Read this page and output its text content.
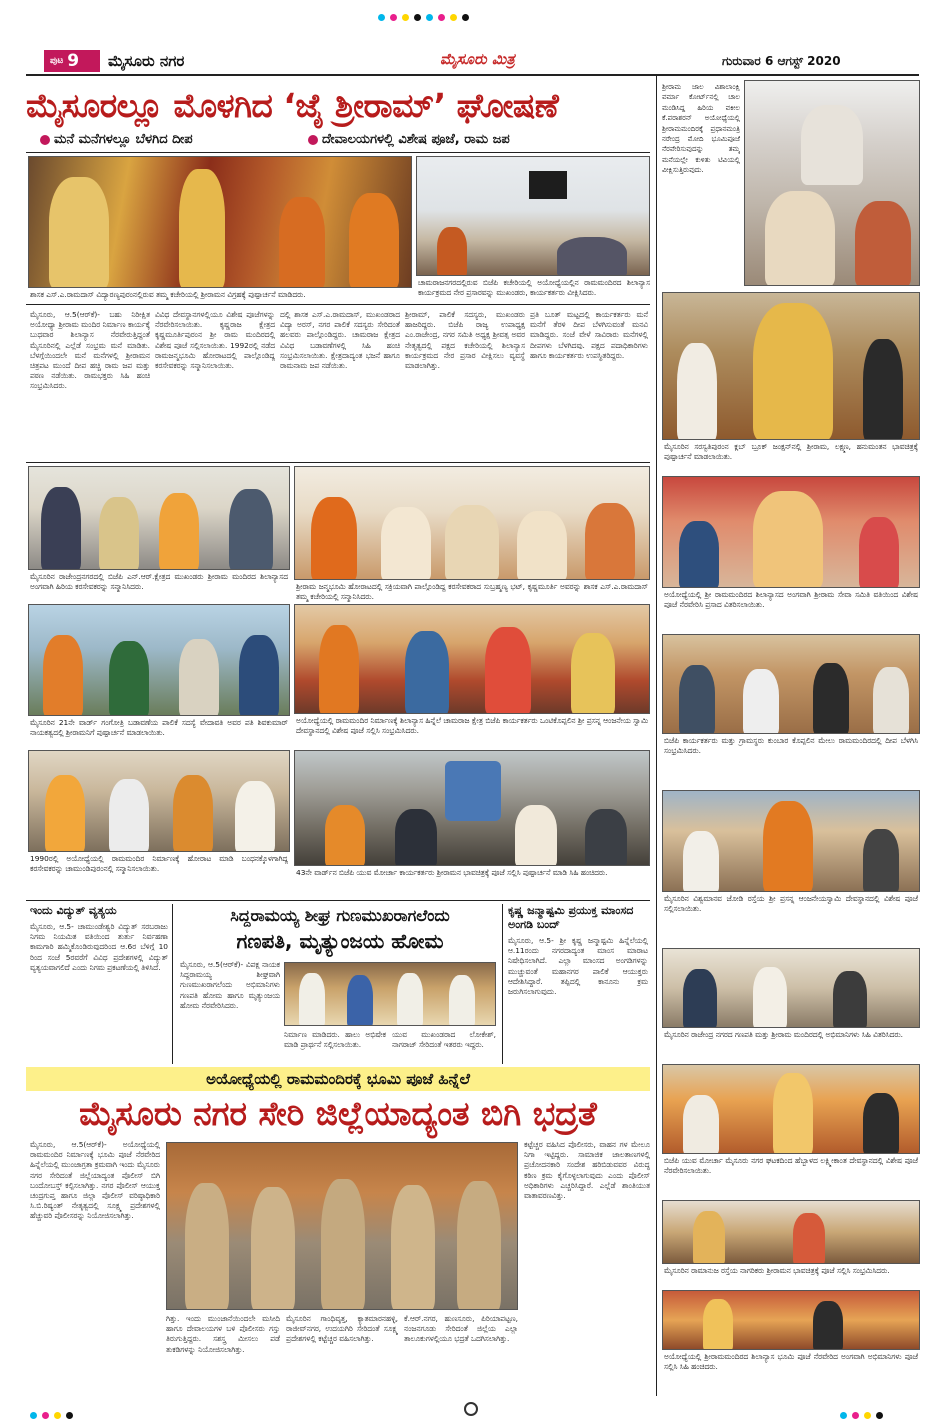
ಪುಟ 9	ಮೈಸೂರು ನಗರ	ಮೈಸೂರು ಮಿತ್ರ	ಗುರುವಾರ 6 ಆಗಸ್ಟ್ 2020
ಮೈಸೂರಲ್ಲೂ ಮೊಳಗಿದ ‘ಜೈ ಶ್ರೀರಾಮ್’ ಘೋಷಣೆ
ಮನೆ ಮನೆಗಳಲ್ಲೂ ಬೆಳಗಿದ ದೀಪ	ದೇವಾಲಯಗಳಲ್ಲಿ ವಿಶೇಷ ಪೂಜೆ, ರಾಮ ಜಪ
ಶಾಸಕ ಎಸ್.ಎ.ರಾಮದಾಸ್ ವಿದ್ಯಾರಣ್ಯಪುರಂನಲ್ಲಿರುವ ತಮ್ಮ ಕಚೇರಿಯಲ್ಲಿ ಶ್ರೀರಾಮನ ವಿಗ್ರಹಕ್ಕೆ ಪುಷ್ಪಾರ್ಚನೆ ಮಾಡಿದರು.
ಚಾಮರಾಜನಗರದಲ್ಲಿರುವ ಬಿಜೆಪಿ ಕಚೇರಿಯಲ್ಲಿ ಅಯೋಧ್ಯೆಯಲ್ಲಿನ ರಾಮಮಂದಿರದ ಶಿಲಾನ್ಯಾಸ ಕಾರ್ಯಕ್ರಮದ ನೇರ ಪ್ರಸಾರವನ್ನು ಮುಖಂಡರು, ಕಾರ್ಯಕರ್ತರು ವೀಕ್ಷಿಸಿದರು.
ಮೈಸೂರು, ಆ.5(ಆರ್‌ಕೆ)- ಬಹು ನಿರೀಕ್ಷಿತ ಅಯೋಧ್ಯಾ ಶ್ರೀರಾಮ ಮಂದಿರ ನಿರ್ಮಾಣ ಕಾರ್ಯಕ್ಕೆ ಬುಧವಾರ ಶಿಲಾನ್ಯಾಸ ನೆರವೇರುತ್ತಿದ್ದಂತೆ ಮೈಸೂರಿನಲ್ಲಿ ಎಲ್ಲೆಡೆ ಸಂಭ್ರಮ ಮನೆ ಮಾಡಿತು. ಬೆಳಗ್ಗೆಯಿಂದಲೇ ಮನೆ ಮನೆಗಳಲ್ಲಿ ಶ್ರೀರಾಮನ ಚಿತ್ರಪಟ ಮುಂದೆ ದೀಪ ಹಚ್ಚಿ ರಾಮ ಜಪ ಮತ್ತು ಪಠಣ ನಡೆಯಿತು. ರಾಮಭಕ್ತರು ಸಿಹಿ ಹಂಚಿ ಸಂಭ್ರಮಿಸಿದರು.
ವಿವಿಧ ದೇವಸ್ಥಾನಗಳಲ್ಲಿಯೂ ವಿಶೇಷ ಪೂಜೆಗಳನ್ನು ನೆರವೇರಿಸಲಾಯಿತು. ಕೃಷ್ಣರಾಜ ಕ್ಷೇತ್ರದ ಕೃಷ್ಣಮೂರ್ತಿಪುರಂನ ಶ್ರೀ ರಾಮ ಮಂದಿರದಲ್ಲಿ ವಿಶೇಷ ಪೂಜೆ ಸಲ್ಲಿಸಲಾಯಿತು. 1992ರಲ್ಲಿ ನಡೆದ ರಾಮಜನ್ಮಭೂಮಿ ಹೋರಾಟದಲ್ಲಿ ಪಾಲ್ಗೊಂಡಿದ್ದ ಕರಸೇವಕರನ್ನು ಸನ್ಮಾನಿಸಲಾಯಿತು.
ದಲ್ಲಿ ಶಾಸಕ ಎಸ್.ಎ.ರಾಮದಾಸ್, ಮುಖಂಡರಾದ ವಿದ್ಯಾ ಅರಸ್, ನಗರ ಪಾಲಿಕೆ ಸದಸ್ಯರು ಸೇರಿದಂತೆ ಹಲವರು ಪಾಲ್ಗೊಂಡಿದ್ದರು. ಚಾಮರಾಜ ಕ್ಷೇತ್ರದ ವಿವಿಧ ಬಡಾವಣೆಗಳಲ್ಲಿ ಸಿಹಿ ಹಂಚಿ ಸಂಭ್ರಮಿಸಲಾಯಿತು. ಕ್ಷೇತ್ರದಾದ್ಯಂತ ಭಜನೆ ಹಾಗೂ ರಾಮನಾಮ ಜಪ ನಡೆಯಿತು.
ಶ್ರೀರಾಮ್, ಪಾಲಿಕೆ ಸದಸ್ಯರು, ಮುಖಂಡರು ಹಾಜರಿದ್ದರು. ಬಿಜೆಪಿ ರಾಜ್ಯ ಉಪಾಧ್ಯಕ್ಷ ಎಂ.ರಾಜೇಂದ್ರ, ನಗರ ಸಮಿತಿ ಅಧ್ಯಕ್ಷ ಶ್ರೀವತ್ಸ ಅವರ ನೇತೃತ್ವದಲ್ಲಿ ಪಕ್ಷದ ಕಚೇರಿಯಲ್ಲಿ ಶಿಲಾನ್ಯಾಸ ಕಾರ್ಯಕ್ರಮದ ನೇರ ಪ್ರಸಾರ ವೀಕ್ಷಿಸಲು ವ್ಯವಸ್ಥೆ ಮಾಡಲಾಗಿತ್ತು.
ಪ್ರತಿ ಬೂತ್ ಮಟ್ಟದಲ್ಲಿ ಕಾರ್ಯಕರ್ತರು ಮನೆ ಮನೆಗೆ ತೆರಳಿ ದೀಪ ಬೆಳಗಿಸುವಂತೆ ಮನವಿ ಮಾಡಿದ್ದರು. ಸಂಜೆ ವೇಳೆ ಸಾವಿರಾರು ಮನೆಗಳಲ್ಲಿ ದೀಪಗಳು ಬೆಳಗಿದವು. ಪಕ್ಷದ ಪದಾಧಿಕಾರಿಗಳು ಹಾಗೂ ಕಾರ್ಯಕರ್ತರು ಉಪಸ್ಥಿತರಿದ್ದರು.
ಮೈಸೂರಿನ ರಾಜೇಂದ್ರನಗರದಲ್ಲಿ ಬಿಜೆಪಿ ಎನ್.ಆರ್.ಕ್ಷೇತ್ರದ ಮುಖಂಡರು ಶ್ರೀರಾಮ ಮಂದಿರದ ಶಿಲಾನ್ಯಾಸದ ಅಂಗವಾಗಿ ಹಿರಿಯ ಕರಸೇವಕರನ್ನು ಸನ್ಮಾನಿಸಿದರು.	ಶ್ರೀರಾಮ ಜನ್ಮಭೂಮಿ ಹೋರಾಟದಲ್ಲಿ ಸಕ್ರಿಯವಾಗಿ ಪಾಲ್ಗೊಂಡಿದ್ದ ಕರಸೇವಕರಾದ ಸುಬ್ರಹ್ಮಣ್ಯ ಭಟ್, ಕೃಷ್ಣಮೂರ್ತಿ ಅವರನ್ನು ಶಾಸಕ ಎಸ್.ಎ.ರಾಮದಾಸ್ ತಮ್ಮ ಕಚೇರಿಯಲ್ಲಿ ಸನ್ಮಾನಿಸಿದರು.
ಮೈಸೂರಿನ 21ನೇ ವಾರ್ಡ್ ಗಂಗೋತ್ರಿ ಬಡಾವಣೆಯ ಪಾಲಿಕೆ ಸದಸ್ಯೆ ವೇದಾವತಿ ಅವರ ಪತಿ ಶಿವಕುಮಾರ್ ನಾಯಕತ್ವದಲ್ಲಿ ಶ್ರೀರಾಮನಿಗೆ ಪುಷ್ಪಾರ್ಚನೆ ಮಾಡಲಾಯಿತು.
ಅಯೋಧ್ಯೆಯಲ್ಲಿ ರಾಮಮಂದಿರ ನಿರ್ಮಾಣಕ್ಕೆ ಶಿಲಾನ್ಯಾಸ ಹಿನ್ನೆಲೆ ಚಾಮರಾಜ ಕ್ಷೇತ್ರ ಬಿಜೆಪಿ ಕಾರ್ಯಕರ್ತರು ಒಂಟಿಕೊಪ್ಪಲಿನ ಶ್ರೀ ಪ್ರಸನ್ನ ಆಂಜನೇಯ ಸ್ವಾಮಿ ದೇವಸ್ಥಾನದಲ್ಲಿ ವಿಶೇಷ ಪೂಜೆ ಸಲ್ಲಿಸಿ ಸಂಭ್ರಮಿಸಿದರು.
1990ರಲ್ಲಿ ಅಯೋಧ್ಯೆಯಲ್ಲಿ ರಾಮಮಂದಿರ ನಿರ್ಮಾಣಕ್ಕೆ ಹೋರಾಟ ಮಾಡಿ ಬಂಧನಕ್ಕೊಳಗಾಗಿದ್ದ ಕರಸೇವಕರನ್ನು ಚಾಮುಂಡಿಪುರಂನಲ್ಲಿ ಸನ್ಮಾನಿಸಲಾಯಿತು.	43ನೇ ವಾರ್ಡ್‌ನ ಬಿಜೆಪಿ ಯುವ ಮೋರ್ಚಾ ಕಾರ್ಯಕರ್ತರು ಶ್ರೀರಾಮನ ಭಾವಚಿತ್ರಕ್ಕೆ ಪೂಜೆ ಸಲ್ಲಿಸಿ ಪುಷ್ಪಾರ್ಚನೆ ಮಾಡಿ ಸಿಹಿ ಹಂಚಿದರು.
ಇಂದು ವಿದ್ಯುತ್ ವ್ಯತ್ಯಯ
ಮೈಸೂರು, ಆ.5- ಚಾಮುಂಡೇಶ್ವರಿ ವಿದ್ಯುತ್ ಸರಬರಾಜು ನಿಗಮ ನಿಯಮಿತ ವತಿಯಿಂದ ತುರ್ತು ನಿರ್ವಹಣಾ ಕಾಮಗಾರಿ ಹಮ್ಮಿಕೊಂಡಿರುವುದರಿಂದ ಆ.6ರ ಬೆಳಿಗ್ಗೆ 10 ರಿಂದ ಸಂಜೆ 5ರವರೆಗೆ ವಿವಿಧ ಪ್ರದೇಶಗಳಲ್ಲಿ ವಿದ್ಯುತ್ ವ್ಯತ್ಯಯವಾಗಲಿದೆ ಎಂದು ನಿಗಮ ಪ್ರಕಟಣೆಯಲ್ಲಿ ತಿಳಿಸಿದೆ.
ಸಿದ್ದರಾಮಯ್ಯ ಶೀಘ್ರ ಗುಣಮುಖರಾಗಲೆಂದು
ಗಣಪತಿ, ಮೃತ್ಯುಂಜಯ ಹೋಮ
ಮೈಸೂರು, ಆ.5(ಆರ್‌ಕೆ)- ವಿಪಕ್ಷ ನಾಯಕ ಸಿದ್ದರಾಮಯ್ಯ ಶೀಘ್ರವಾಗಿ ಗುಣಮುಖರಾಗಲೆಂದು ಅಭಿಮಾನಿಗಳು ಗಣಪತಿ ಹೋಮ ಹಾಗೂ ಮೃತ್ಯುಂಜಯ ಹೋಮ ನೆರವೇರಿಸಿದರು.
ನಿರ್ಮಾಣ ಮಾಡಿದರು. ಹಾಲು ಅಭಿಷೇಕ ಮಾಡಿ ಪ್ರಾರ್ಥನೆ ಸಲ್ಲಿಸಲಾಯಿತು.
ಯುವ ಮುಖಂಡರಾದ ಲೋಕೇಶ್, ನಾಗರಾಜ್ ಸೇರಿದಂತೆ ಇತರರು ಇದ್ದರು.
ಕೃಷ್ಣ ಜನ್ಮಾಷ್ಟಮಿ ಪ್ರಯುಕ್ತ ಮಾಂಸದ ಅಂಗಡಿ ಬಂದ್
ಮೈಸೂರು, ಆ.5- ಶ್ರೀ ಕೃಷ್ಣ ಜನ್ಮಾಷ್ಟಮಿ ಹಿನ್ನೆಲೆಯಲ್ಲಿ ಆ.11ರಂದು ನಗರದಾದ್ಯಂತ ಮಾಂಸ ಮಾರಾಟ ನಿಷೇಧಿಸಲಾಗಿದೆ. ಎಲ್ಲಾ ಮಾಂಸದ ಅಂಗಡಿಗಳನ್ನು ಮುಚ್ಚುವಂತೆ ಮಹಾನಗರ ಪಾಲಿಕೆ ಆಯುಕ್ತರು ಆದೇಶಿಸಿದ್ದಾರೆ. ತಪ್ಪಿದಲ್ಲಿ ಕಾನೂನು ಕ್ರಮ ಜರುಗಿಸಲಾಗುವುದು.
ಅಯೋಧ್ಯೆಯಲ್ಲಿ ರಾಮಮಂದಿರಕ್ಕೆ ಭೂಮಿ ಪೂಜೆ ಹಿನ್ನೆಲೆ
ಮೈಸೂರು ನಗರ ಸೇರಿ ಜಿಲ್ಲೆಯಾದ್ಯಂತ ಬಿಗಿ ಭದ್ರತೆ
ಮೈಸೂರು, ಆ.5(ಆರ್‌ಕೆ)- ಅಯೋಧ್ಯೆಯಲ್ಲಿ ರಾಮಮಂದಿರ ನಿರ್ಮಾಣಕ್ಕೆ ಭೂಮಿ ಪೂಜೆ ನೆರವೇರಿದ ಹಿನ್ನೆಲೆಯಲ್ಲಿ ಮುಂಜಾಗ್ರತಾ ಕ್ರಮವಾಗಿ ಇಂದು ಮೈಸೂರು ನಗರ ಸೇರಿದಂತೆ ಜಿಲ್ಲೆಯಾದ್ಯಂತ ಪೊಲೀಸ್ ಬಿಗಿ ಬಂದೋಬಸ್ತ್ ಕಲ್ಪಿಸಲಾಗಿತ್ತು. ನಗರ ಪೊಲೀಸ್ ಆಯುಕ್ತ ಚಂದ್ರಗುಪ್ತ ಹಾಗೂ ಜಿಲ್ಲಾ ಪೊಲೀಸ್ ವರಿಷ್ಠಾಧಿಕಾರಿ ಸಿ.ಬಿ.ರಿಷ್ಯಂತ್ ನೇತೃತ್ವದಲ್ಲಿ ಸೂಕ್ಷ್ಮ ಪ್ರದೇಶಗಳಲ್ಲಿ ಹೆಚ್ಚುವರಿ ಪೊಲೀಸರನ್ನು ನಿಯೋಜಿಸಲಾಗಿತ್ತು.
ಗಿತ್ತು. ಇಂದು ಮುಂಜಾನೆಯಿಂದಲೇ ಮಸೀದಿ ಹಾಗೂ ದೇವಾಲಯಗಳ ಬಳಿ ಪೊಲೀಸರು ಗಸ್ತು ತಿರುಗುತ್ತಿದ್ದರು. ಸಶಸ್ತ್ರ ಮೀಸಲು ಪಡೆ ತುಕಡಿಗಳನ್ನು ನಿಯೋಜಿಸಲಾಗಿತ್ತು.
ಮೈಸೂರಿನ ಗಾಂಧಿವೃತ್ತ, ಕ್ಯಾತಮಾರನಹಳ್ಳಿ, ರಾಜೀವ್‌ನಗರ, ಉದಯಗಿರಿ ಸೇರಿದಂತೆ ಸೂಕ್ಷ್ಮ ಪ್ರದೇಶಗಳಲ್ಲಿ ಕಟ್ಟೆಚ್ಚರ ವಹಿಸಲಾಗಿತ್ತು.
ಕೆ.ಆರ್.ನಗರ, ಹುಣಸೂರು, ಪಿರಿಯಾಪಟ್ಟಣ, ನಂಜನಗೂಡು ಸೇರಿದಂತೆ ಜಿಲ್ಲೆಯ ಎಲ್ಲಾ ತಾಲೂಕುಗಳಲ್ಲಿಯೂ ಭದ್ರತೆ ಒದಗಿಸಲಾಗಿತ್ತು.
ಕಟ್ಟೆಚ್ಚರ ವಹಿಸಿದ ಪೊಲೀಸರು, ವಾಹನ ಗಳ ಮೇಲೂ ನಿಗಾ ಇಟ್ಟಿದ್ದರು. ಸಾಮಾಜಿಕ ಜಾಲತಾಣಗಳಲ್ಲಿ ಪ್ರಚೋದನಕಾರಿ ಸಂದೇಶ ಹರಿಬಿಡುವವರ ವಿರುದ್ಧ ಕಠಿಣ ಕ್ರಮ ಕೈಗೊಳ್ಳಲಾಗುವುದು ಎಂದು ಪೊಲೀಸ್ ಅಧಿಕಾರಿಗಳು ಎಚ್ಚರಿಸಿದ್ದಾರೆ. ಎಲ್ಲೆಡೆ ಶಾಂತಿಯುತ ವಾತಾವರಣವಿತ್ತು.
ಶ್ರೀರಾಮ ಜಾಲ ವಿಶಾಲಾಂಕ್ಷಿ ವರ್ಮಾ ಕೋರ್ಟ್‌ನಲ್ಲಿ ಚಾಲ ಮಂಡಿಸಿದ್ದ ಹಿರಿಯ ವಕೀಲ ಕೆ.ಪರಾಶರನ್ ಅಯೋಧ್ಯೆಯಲ್ಲಿ ಶ್ರೀರಾಮಮಂದಿರಕ್ಕೆ ಪ್ರಧಾನಮಂತ್ರಿ ನರೇಂದ್ರ ಮೋದಿ ಭೂಮಿಪೂಜೆ ನೆರವೇರಿಸುವುದನ್ನು ತಮ್ಮ ಮನೆಯಲ್ಲೇ ಕುಳಿತು ಟಿವಿಯಲ್ಲಿ ವೀಕ್ಷಿಸುತ್ತಿರುವುದು.
ಮೈಸೂರಿನ ಸರಸ್ವತಿಪುರಂನ ಕ್ಲಬ್ ಬ್ರೂಕ್ ಜಂಕ್ಷನ್‌ನಲ್ಲಿ ಶ್ರೀರಾಮ, ಲಕ್ಷ್ಮಣ, ಹನುಮಂತನ ಭಾವಚಿತ್ರಕ್ಕೆ ಪುಷ್ಪಾರ್ಚನೆ ಮಾಡಲಾಯಿತು.
ಅಯೋಧ್ಯೆಯಲ್ಲಿ ಶ್ರೀ ರಾಮಮಂದಿರದ ಶಿಲಾನ್ಯಾಸದ ಅಂಗವಾಗಿ ಶ್ರೀರಾಮ ಸೇವಾ ಸಮಿತಿ ವತಿಯಿಂದ ವಿಶೇಷ ಪೂಜೆ ನೆರವೇರಿಸಿ ಪ್ರಸಾದ ವಿತರಿಸಲಾಯಿತು.
ಬಿಜೆಪಿ ಕಾರ್ಯಕರ್ತರು ಮತ್ತು ಗ್ರಾಮಸ್ಥರು ಕುಂಬಾರ ಕೊಪ್ಪಲಿನ ಮೇಲು ರಾಮಮಂದಿರದಲ್ಲಿ ದೀಪ ಬೆಳಗಿಸಿ ಸಂಭ್ರಮಿಸಿದರು.
ಮೈಸೂರಿನ ವಿಶ್ವಮಾನವ ಜೋಡಿ ರಸ್ತೆಯ ಶ್ರೀ ಪ್ರಸನ್ನ ಆಂಜನೇಯಸ್ವಾಮಿ ದೇವಸ್ಥಾನದಲ್ಲಿ ವಿಶೇಷ ಪೂಜೆ ಸಲ್ಲಿಸಲಾಯಿತು.
ಮೈಸೂರಿನ ರಾಜೇಂದ್ರ ನಗರದ ಗಣಪತಿ ಮತ್ತು ಶ್ರೀರಾಮ ಮಂದಿರದಲ್ಲಿ ಅಭಿಮಾನಿಗಳು ಸಿಹಿ ವಿತರಿಸಿದರು.
ಬಿಜೆಪಿ ಯುವ ಮೋರ್ಚಾ ಮೈಸೂರು ನಗರ ಘಟಕದಿಂದ ಹೆಬ್ಬಾಳದ ಲಕ್ಷ್ಮೀಕಾಂತ ದೇವಸ್ಥಾನದಲ್ಲಿ ವಿಶೇಷ ಪೂಜೆ ನೆರವೇರಿಸಲಾಯಿತು.
ಮೈಸೂರಿನ ರಾಮಾನುಜ ರಸ್ತೆಯ ನಾಗರಿಕರು ಶ್ರೀರಾಮನ ಭಾವಚಿತ್ರಕ್ಕೆ ಪೂಜೆ ಸಲ್ಲಿಸಿ ಸಂಭ್ರಮಿಸಿದರು.
ಅಯೋಧ್ಯೆಯಲ್ಲಿ ಶ್ರೀರಾಮಮಂದಿರದ ಶಿಲಾನ್ಯಾಸ ಭೂಮಿ ಪೂಜೆ ನೆರವೇರಿದ ಅಂಗವಾಗಿ ಅಭಿಮಾನಿಗಳು ಪೂಜೆ ಸಲ್ಲಿಸಿ ಸಿಹಿ ಹಂಚಿದರು.
